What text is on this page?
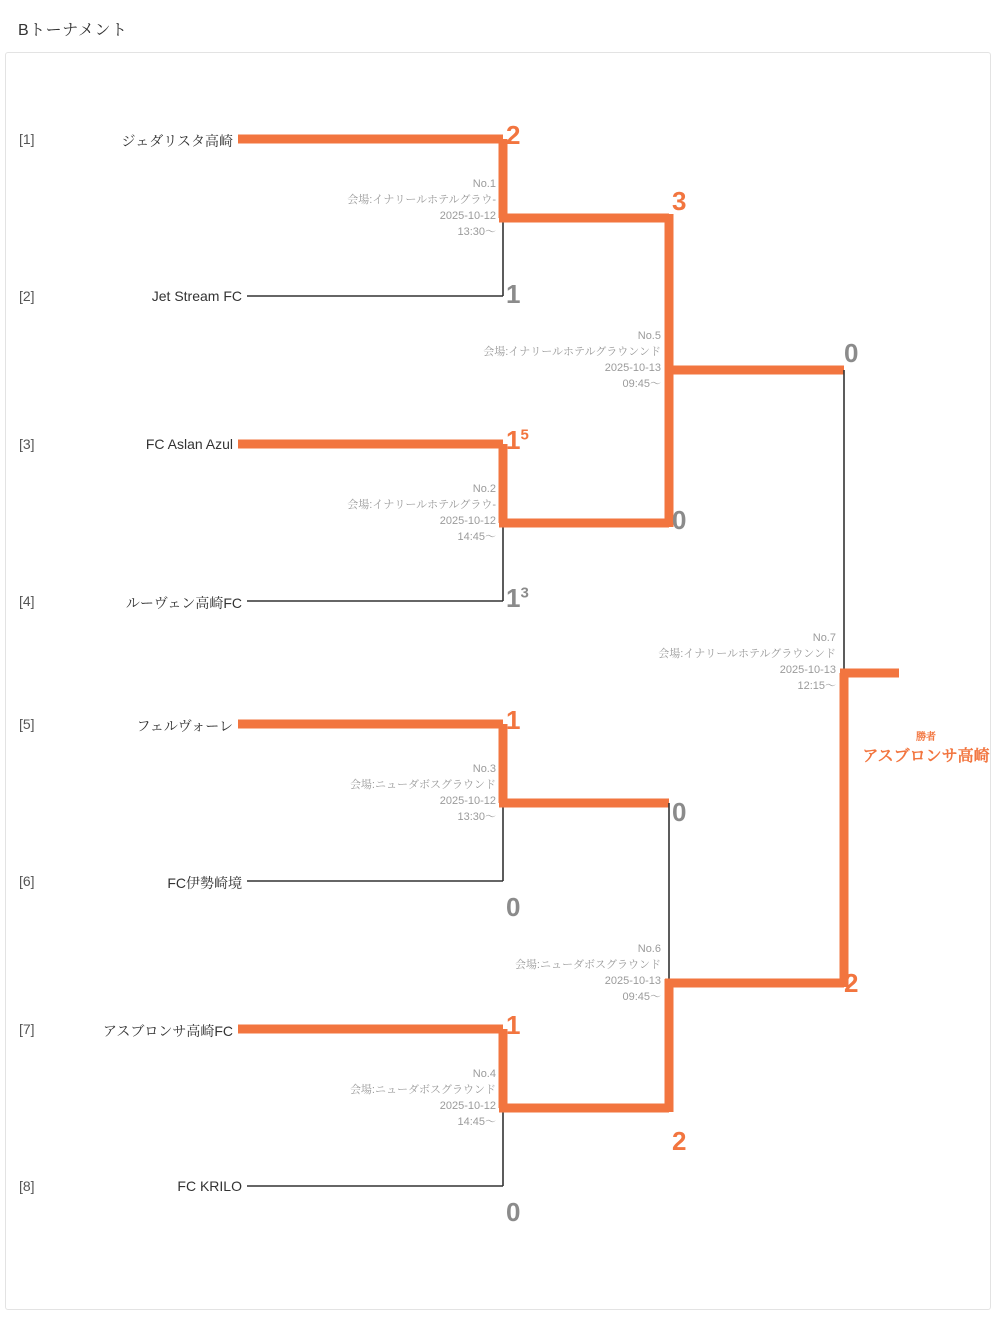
Bトーナメント
[1]	ジェダリスタ高崎
[2]	Jet Stream FC
[3]	FC Aslan Azul
[4]	ルーヴェン高崎FC
[5]	フェルヴォーレ
[6]	FC伊勢崎境
[7]	アスブロンサ高崎FC
[8]	FC KRILO
2
1
$1^5$
$1^3$
1
0
1
0
3
0
0
2
0
2
No.1
会場:イナリールホテルグラウ-
2025-10-12
13:30〜
No.2
会場:イナリールホテルグラウ-
2025-10-12
14:45〜
No.3
会場:ニューダボスグラウンド
2025-10-12
13:30〜
No.4
会場:ニューダボスグラウンド
2025-10-12
14:45〜
No.5
会場:イナリールホテルグラウンンド
2025-10-13
09:45〜
No.6
会場:ニューダボスグラウンド
2025-10-13
09:45〜
No.7
会場:イナリールホテルグラウンンド
2025-10-13
12:15〜
勝者
アスブロンサ高崎
